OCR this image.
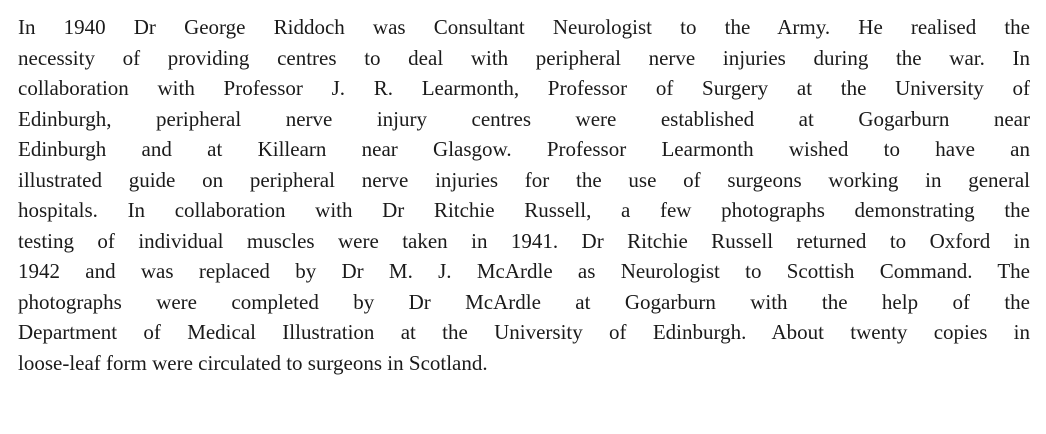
In 1940 Dr George Riddoch was Consultant Neurologist to the Army. He realised the
necessity of providing centres to deal with peripheral nerve injuries during the war. In
collaboration with Professor J. R. Learmonth, Professor of Surgery at the University of
Edinburgh, peripheral nerve injury centres were established at Gogarburn near
Edinburgh and at Killearn near Glasgow. Professor Learmonth wished to have an
illustrated guide on peripheral nerve injuries for the use of surgeons working in general
hospitals. In collaboration with Dr Ritchie Russell, a few photographs demonstrating the
testing of individual muscles were taken in 1941. Dr Ritchie Russell returned to Oxford in
1942 and was replaced by Dr M. J. McArdle as Neurologist to Scottish Command. The
photographs were completed by Dr McArdle at Gogarburn with the help of the
Department of Medical Illustration at the University of Edinburgh. About twenty copies in
loose-leaf form were circulated to surgeons in Scotland.
